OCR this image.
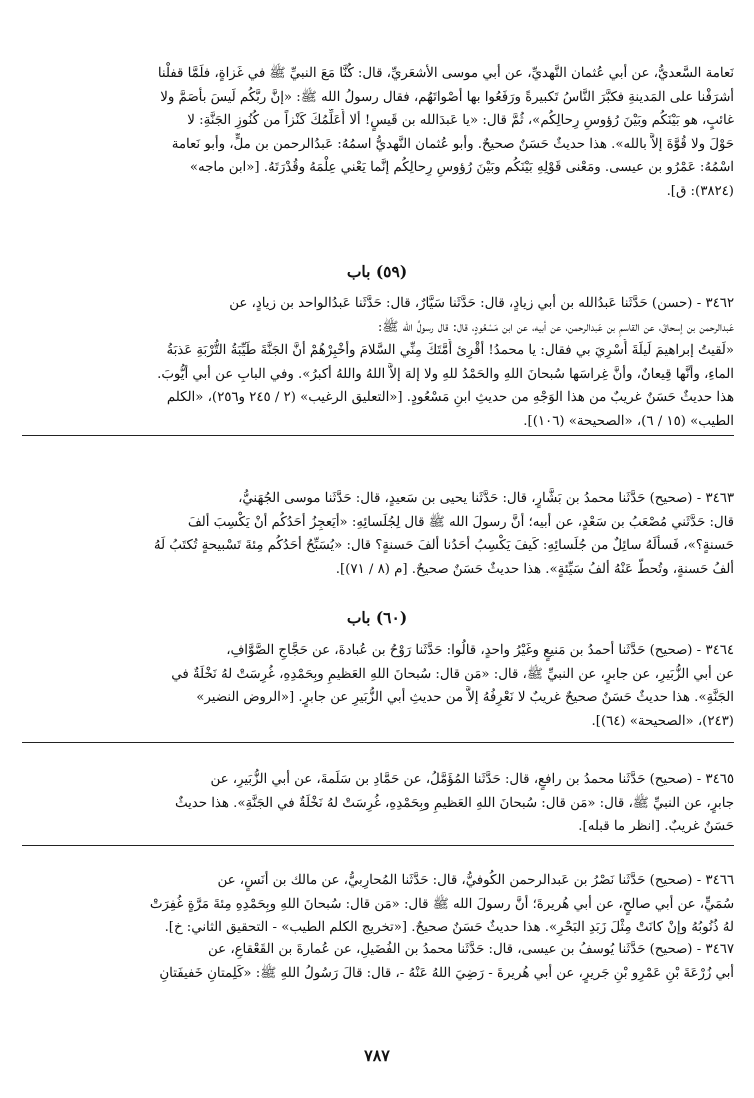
نَعامة السَّعديُّ، عن أبي عُثمان النَّهديِّ، عن أبي موسى الأشعَريِّ، قال: كُنَّا مَعَ النبيِّ ﷺ في غَزاةٍ، فلَمَّا قفلْنا
أشرَفْنا على المَدينةِ فكبَّرَ النَّاسُ تَكبيرةً ورَفَعُوا بها أصْواتَهُم، فقال رسولُ الله ﷺ: «إنَّ ربَّكُم لَيسَ بأصَمَّ ولا
غائبٍ، هو بَيْنَكُم وبَيْنَ رُؤوسِ رِحالِكُم»، ثُمَّ قال: «يا عَبدَالله بن قَيسٍ! ألا أُعَلِّمُكَ كَنْزاً من كُنُوزِ الجَنَّةِ: لا
حَوْلَ ولا قُوَّةَ إلاَّ بالله». هذا حديثٌ حَسَنٌ صحيحٌ. وأبو عُثمان النَّهديُّ اسمُهُ: عَبدُالرحمن بن ملٍّ، وأبو نَعامة
اسْمُهُ: عَمْرُو بن عيسى. ومَعْنى قَوْلِهِ بَيْنَكُم وبَيْنَ رُؤوسِ رِحالِكُم إنَّما يَعْني عِلْمَهُ وقُدْرَتَهُ. [«ابن ماجه»
(٣٨٢٤): ق].
(٥٩) باب
٣٤٦٢ - (حسن) حَدَّثَنا عَبدُالله بن أبي زيادٍ، قال: حَدَّثَنا سَيَّارٌ، قال: حَدَّثَنا عَبدُالواحد بن زيادٍ، عن
عَبدالرحمن بن إسحاقَ، عن القاسمِ بن عَبدالرحمن، عن أبيه، عن ابن مَسْعُودٍ، قال: قال رسولُ الله ﷺ:
«لَقيتُ إبراهيمَ لَيلَةَ أُسْرِيَ بي فقال: يا محمدُ! أقْرِئ أُمَّتَكَ مِنِّي السَّلامَ وأخْبِرْهُمْ أنَّ الجَنَّةَ طَيِّبَةُ التُّرْبَةِ عَذبَةُ
الماءِ، وأنَّها قِيعانٌ، وأنَّ غِراسَها سُبحانَ اللهِ والحَمْدُ للهِ ولا إلهَ إلاَّ اللهُ واللهُ أكبرُ». وفي البابِ عن أبي أيُّوبَ.
هذا حديثٌ حَسَنٌ غريبٌ من هذا الوَجْهِ من حديثِ ابنِ مَسْعُودٍ. [«التعليق الرغيب» (٢ / ٢٤٥ و٢٥٦)، «الكلم
الطيب» (١٥ / ٦)، «الصحيحة» (١٠٦)].
٣٤٦٣ - (صحيح) حَدَّثَنا محمدُ بن بَشَّارٍ، قال: حَدَّثَنا يحيى بن سَعيدٍ، قال: حَدَّثَنا موسى الجُهَنيُّ،
قال: حَدَّثَني مُصْعَبُ بن سَعْدٍ، عن أبيه؛ أنَّ رسولَ الله ﷺ قال لِجُلَسائِهِ: «أيَعجِزُ أحَدُكُم أنْ يَكْسِبَ ألفَ
حَسنةٍ؟»، فَسألَهُ سائِلٌ من جُلَسائِهِ: كَيفَ يَكْسِبُ أحَدُنا ألفَ حَسنةٍ؟ قال: «يُسَبِّحُ أحَدُكُم مِئةَ تَسْبيحةٍ تُكتَبُ لَهُ
ألفُ حَسنةٍ، وتُحطُّ عَنْهُ ألفُ سَيِّئةٍ». هذا حديثٌ حَسَنٌ صحيحٌ. [م (٨ / ٧١)].
(٦٠) باب
٣٤٦٤ - (صحيح) حَدَّثَنا أحمدُ بن مَنيعٍ وغَيْرُ واحدٍ، قالُوا: حَدَّثَنا رَوْحُ بن عُبادةَ، عن حَجَّاجِ الصَّوَّافِ،
عن أبي الزُّبَيرِ، عن جابرٍ، عن النبيِّ ﷺ، قال: «مَن قال: سُبحانَ اللهِ العَظيمِ وبِحَمْدِهِ، غُرِسَتْ لهُ نَخْلَةٌ في
الجَنَّةِ». هذا حديثٌ حَسَنٌ صحيحٌ غريبٌ لا نَعْرِفُهُ إلاَّ من حديثِ أبي الزُّبَيرِ عن جابرٍ. [«الروض النضير»
(٢٤٣)، «الصحيحة» (٦٤)].
٣٤٦٥ - (صحيح) حَدَّثَنا محمدُ بن رافعٍ، قال: حَدَّثَنا المُؤَمَّلُ، عن حَمَّادِ بن سَلَمةَ، عن أبي الزُّبَيرِ، عن
جابرٍ، عن النبيِّ ﷺ، قال: «مَن قال: سُبحانَ اللهِ العَظيمِ وبِحَمْدِهِ، غُرِسَتْ لهُ نَخْلَةٌ في الجَنَّةِ». هذا حديثٌ
حَسَنٌ غريبٌ. [انظر ما قبله].
٣٤٦٦ - (صحيح) حَدَّثَنا نَصْرُ بن عَبدالرحمن الكُوفيُّ، قال: حَدَّثَنا المُحارِبيُّ، عن مالك بن أنَسٍ، عن
سُمَيٍّ، عن أبي صالحٍ، عن أبي هُريرةَ؛ أنَّ رسولَ الله ﷺ قال: «مَن قال: سُبحانَ اللهِ وبِحَمْدِهِ مِئةَ مَرَّةٍ غُفِرَتْ
لهُ ذُنُوبُهُ وإنْ كانَتْ مِثْلَ زَبَدِ البَحْرِ». هذا حديثٌ حَسَنٌ صحيحٌ. [«تخريج الكلم الطيب» - التحقيق الثاني: خ].
٣٤٦٧ - (صحيح) حَدَّثَنا يُوسفُ بن عيسى، قال: حَدَّثَنا محمدُ بن الفُضَيلِ، عن عُمارةَ بن القَعْقاعِ، عن
أبي زُرْعَةَ بْنِ عَمْرِو بْنِ جَريرٍ، عن أبي هُريرةَ - رَضِيَ اللهُ عَنْهُ -، قال: قالَ رَسُولُ اللهِ ﷺ: «كَلِمتانِ خَفيفَتانِ
٧٨٧
